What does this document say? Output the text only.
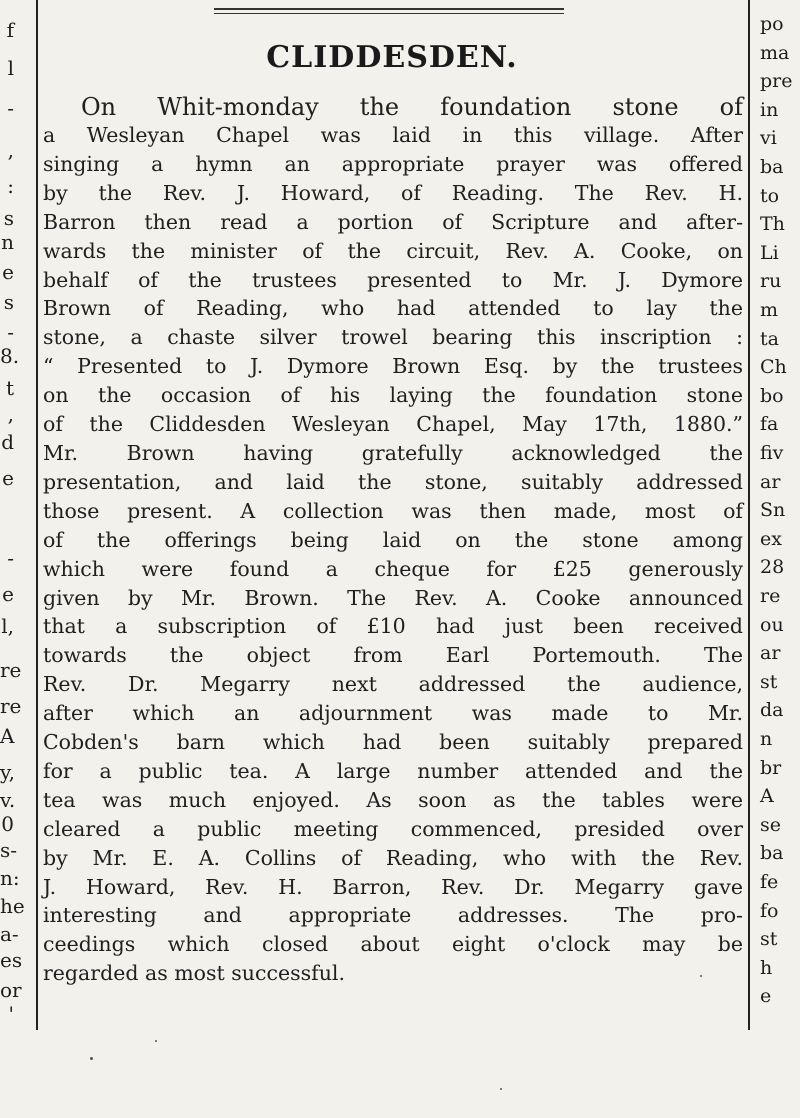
f
l
-
,
:
s
n
e
s
-
8.
t
,
d
e
-
e
l,
re
re
A
y,
v.
0
s-
n:
he
a-
es
or
'
po
ma
pre
in
vi
ba
to
Th
Li
ru
m
ta
Ch
bo
fa
fiv
ar
Sn
ex
28
re
ou
ar
st
da
n
br
A
se
ba
fe
fo
st
h
e
CLIDDESDEN.
On Whit-monday the foundation stone of
a Wesleyan Chapel was laid in this village. After
singing a hymn an appropriate prayer was offered
by the Rev. J. Howard, of Reading. The Rev. H.
Barron then read a portion of Scripture and after-
wards the minister of the circuit, Rev. A. Cooke, on
behalf of the trustees presented to Mr. J. Dymore
Brown of Reading, who had attended to lay the
stone, a chaste silver trowel bearing this inscription :
“ Presented to J. Dymore Brown Esq. by the trustees
on the occasion of his laying the foundation stone
of the Cliddesden Wesleyan Chapel, May 17th, 1880.”
Mr. Brown having gratefully acknowledged the
presentation, and laid the stone, suitably addressed
those present. A collection was then made, most of
of the offerings being laid on the stone among
which were found a cheque for £25 generously
given by Mr. Brown. The Rev. A. Cooke announced
that a subscription of £10 had just been received
towards the object from Earl Portemouth. The
Rev. Dr. Megarry next addressed the audience,
after which an adjournment was made to Mr.
Cobden's barn which had been suitably prepared
for a public tea. A large number attended and the
tea was much enjoyed. As soon as the tables were
cleared a public meeting commenced, presided over
by Mr. E. A. Collins of Reading, who with the Rev.
J. Howard, Rev. H. Barron, Rev. Dr. Megarry gave
interesting and appropriate addresses. The pro-
ceedings which closed about eight o'clock may be
regarded as most successful.
